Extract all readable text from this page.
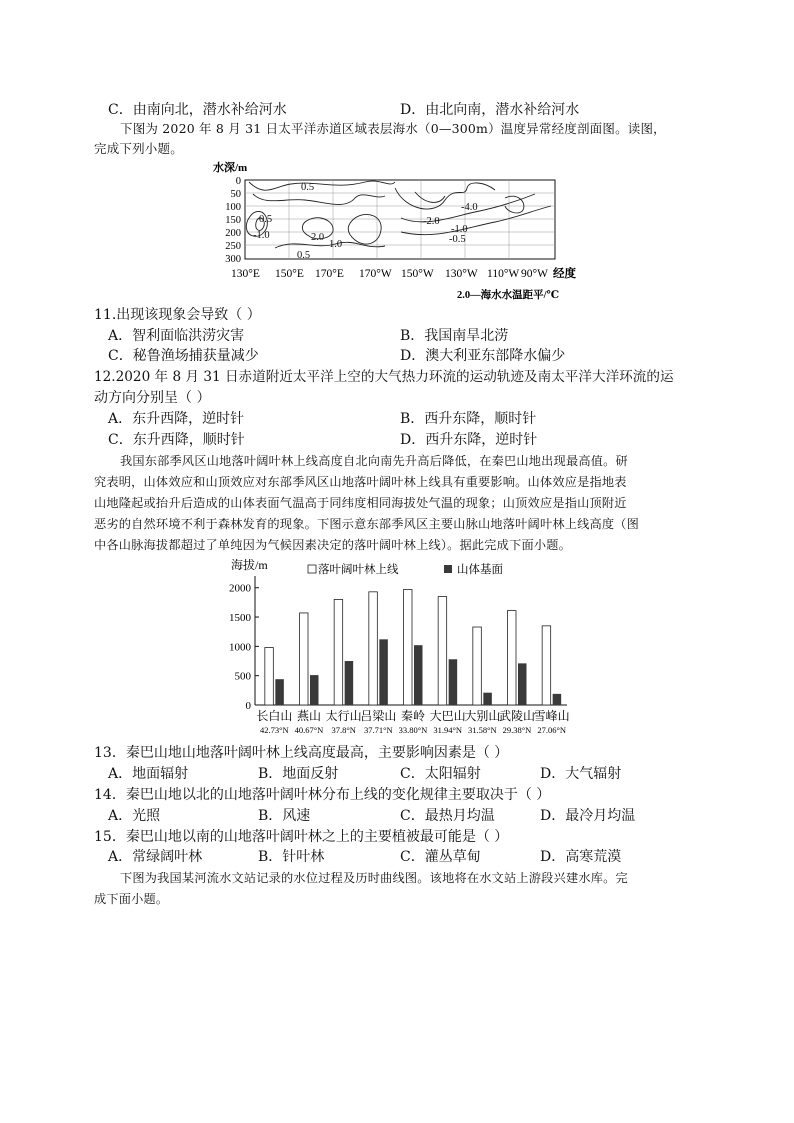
C．由南向北，潜水补给河水	D．由北向南，潜水补给河水
下图为 2020 年 8 月 31 日太平洋赤道区域表层海水（0—300m）温度异常经度剖面图。读图，
完成下列小题。
水深/m
0
50
100
150
200
250
300
0.5
0.5
-1.0	2.0
1.0
0.5
-4.0
-2.0
-1.0
-0.5
130°E 150°E 170°E 170°W 150°W 130°W 110°W 90°W 经度
2.0—海水水温距平/℃
11.出现该现象会导致（ ）
A．智利面临洪涝灾害	B．我国南旱北涝
C．秘鲁渔场捕获量减少	D．澳大利亚东部降水偏少
12.2020 年 8 月 31 日赤道附近太平洋上空的大气热力环流的运动轨迹及南太平洋大洋环流的运
动方向分别呈（ ）
A．东升西降，逆时针	B．西升东降，顺时针
C．东升西降，顺时针	D．西升东降，逆时针
我国东部季风区山地落叶阔叶林上线高度自北向南先升高后降低，在秦巴山地出现最高值。研
究表明，山体效应和山顶效应对东部季风区山地落叶阔叶林上线具有重要影响。山体效应是指地表
山地隆起或抬升后造成的山体表面气温高于同纬度相同海拔处气温的现象；山顶效应是指山顶附近
恶劣的自然环境不利于森林发育的现象。下图示意东部季风区主要山脉山地落叶阔叶林上线高度（图
中各山脉海拔都超过了单纯因为气候因素决定的落叶阔叶林上线）。据此完成下面小题。
海拔/m	落叶阔叶林上线	山体基面
0
500
1000
1500
2000
长白山
42.73°N
燕山
40.67°N
太行山
37.8°N
吕梁山
37.71°N
秦岭
33.80°N
大巴山
31.94°N
大别山
31.58°N
武陵山
29.38°N
雪峰山
27.06°N
13．秦巴山地山地落叶阔叶林上线高度最高，主要影响因素是（ ）
A．地面辐射	B．地面反射	C．太阳辐射	D．大气辐射
14．秦巴山地以北的山地落叶阔叶林分布上线的变化规律主要取决于（ ）
A．光照	B．风速	C．最热月均温	D．最冷月均温
15．秦巴山地以南的山地落叶阔叶林之上的主要植被最可能是（ ）
A．常绿阔叶林	B．针叶林	C．灌丛草甸	D．高寒荒漠
下图为我国某河流水文站记录的水位过程及历时曲线图。该地将在水文站上游段兴建水库。完
成下面小题。
